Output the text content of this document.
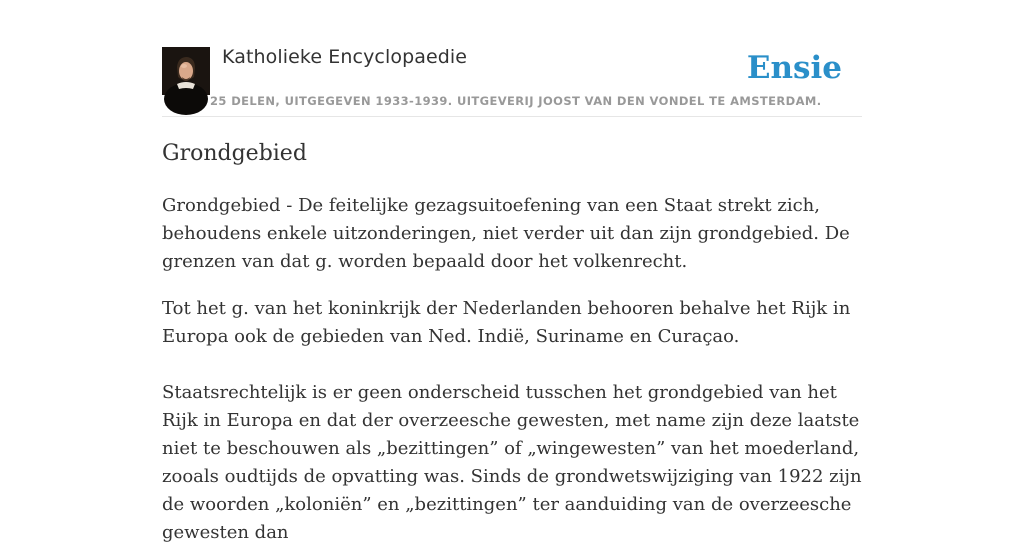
Katholieke Encyclopaedie
25 DELEN, UITGEGEVEN 1933-1939. UITGEVERIJ JOOST VAN DEN VONDEL TE AMSTERDAM.
Ensie
Grondgebied

Grondgebied - De feitelijke gezagsuitoefening van een Staat strekt zich, behoudens enkele uitzonderingen, niet verder uit dan zijn grondgebied. De grenzen van dat g. worden bepaald door het volkenrecht.

Tot het g. van het koninkrijk der Nederlanden behooren behalve het Rijk in Europa ook de gebieden van Ned. Indië, Suriname en Curaçao.

Staatsrechtelijk is er geen onderscheid tusschen het grondgebied van het Rijk in Europa en dat der overzeesche gewesten, met name zijn deze laatste niet te beschouwen als „bezittingen” of „wingewesten” van het moederland, zooals oudtijds de opvatting was. Sinds de grondwetswijziging van 1922 zijn de woorden „koloniën” en „bezittingen” ter aanduiding van de overzeesche gewesten dan
